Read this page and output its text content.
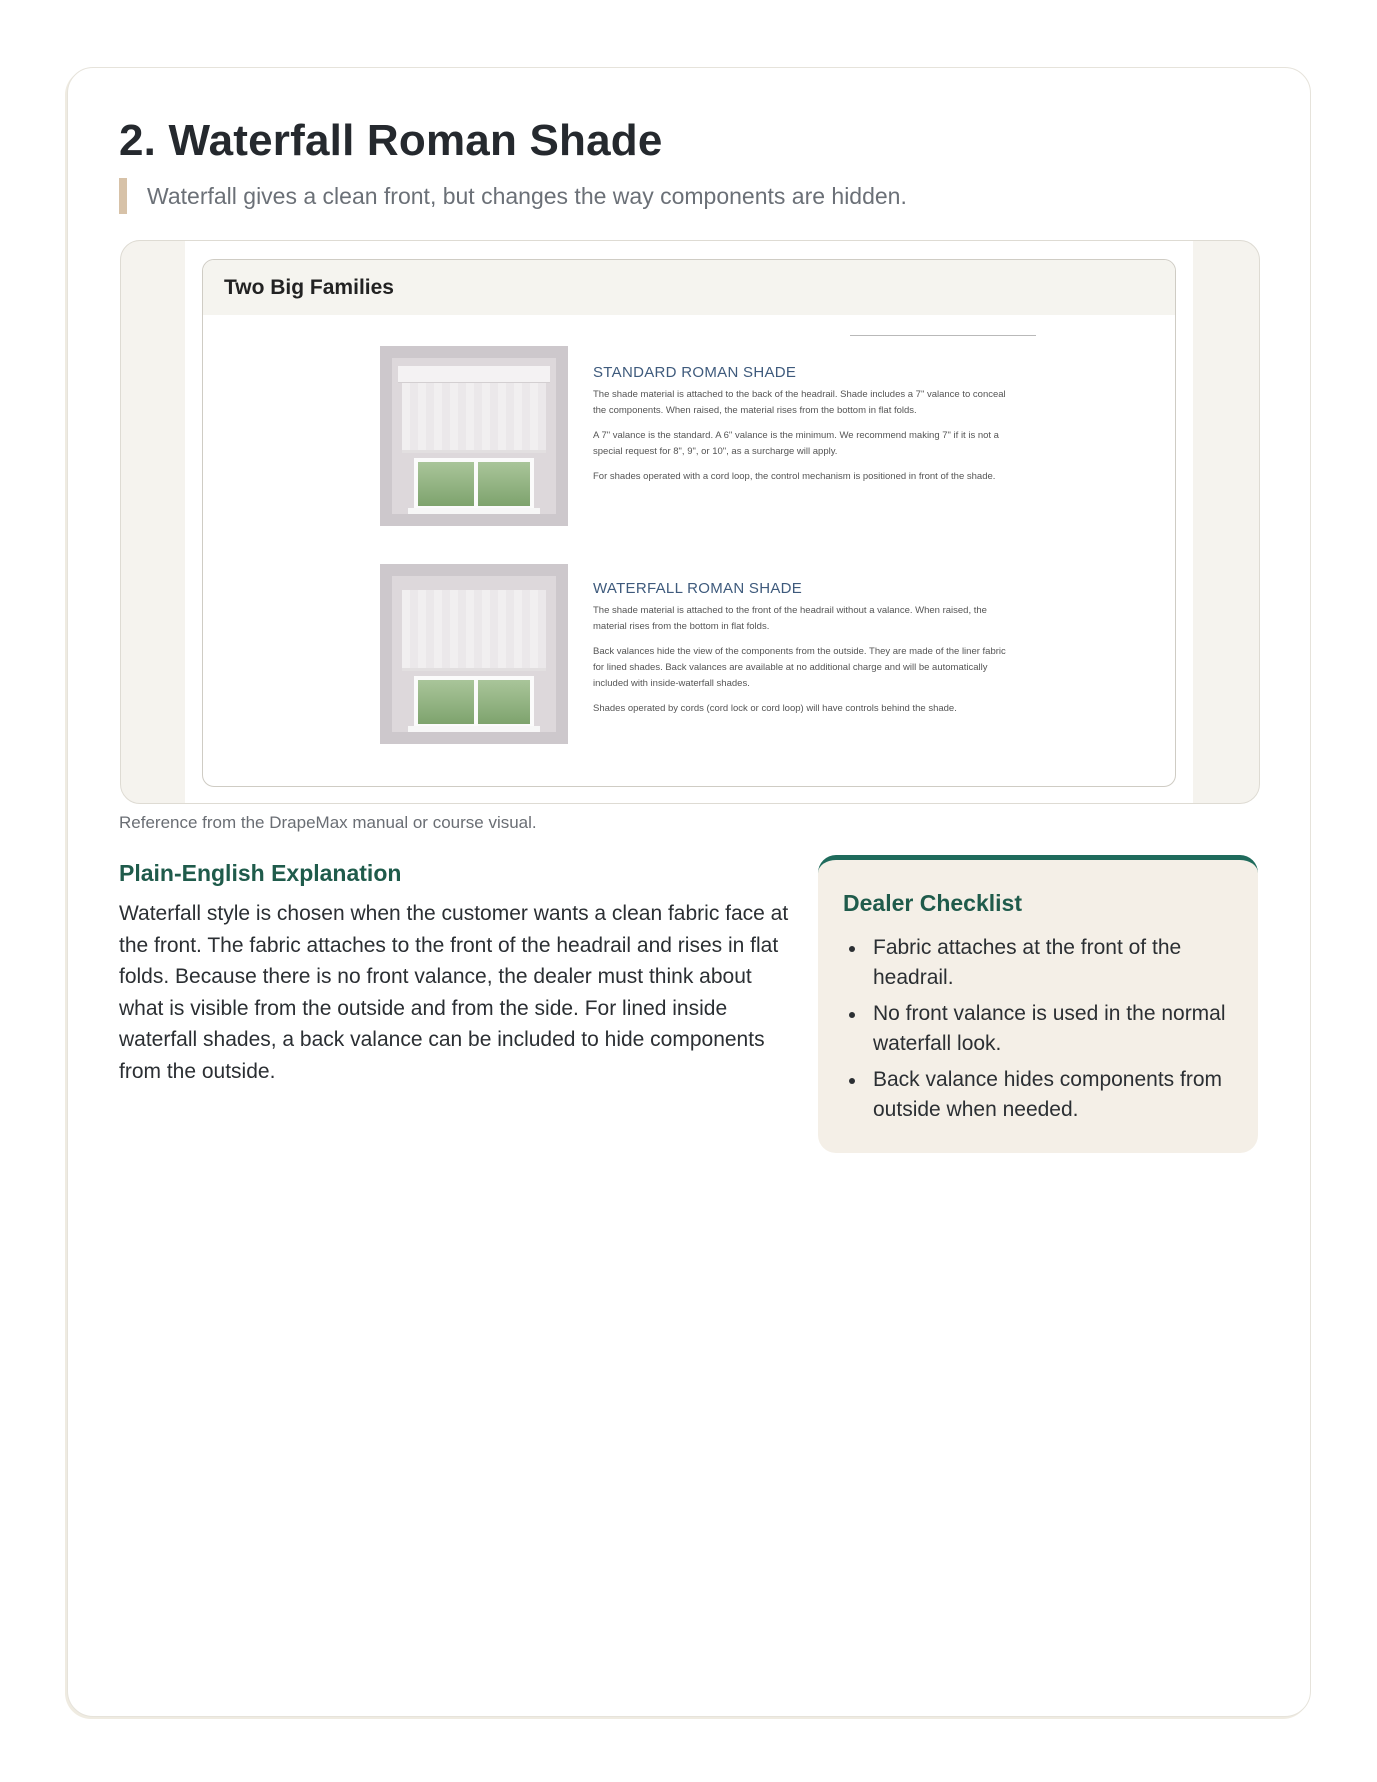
2. Waterfall Roman Shade
Waterfall gives a clean front, but changes the way components are hidden.
Two Big Families
STANDARD ROMAN SHADE
The shade material is attached to the back of the headrail. Shade includes a 7" valance to conceal the components. When raised, the material rises from the bottom in flat folds.
A 7" valance is the standard. A 6" valance is the minimum. We recommend making 7" if it is not a special request for 8", 9", or 10", as a surcharge will apply.
For shades operated with a cord loop, the control mechanism is positioned in front of the shade.
WATERFALL ROMAN SHADE
The shade material is attached to the front of the headrail without a valance. When raised, the material rises from the bottom in flat folds.
Back valances hide the view of the components from the outside. They are made of the liner fabric for lined shades. Back valances are available at no additional charge and will be automatically included with inside-waterfall shades.
Shades operated by cords (cord lock or cord loop) will have controls behind the shade.
Reference from the DrapeMax manual or course visual.
Plain-English Explanation
Waterfall style is chosen when the customer wants a clean fabric face at the front. The fabric attaches to the front of the headrail and rises in flat folds. Because there is no front valance, the dealer must think about what is visible from the outside and from the side. For lined inside waterfall shades, a back valance can be included to hide components from the outside.
Dealer Checklist
Fabric attaches at the front of the headrail.
No front valance is used in the normal waterfall look.
Back valance hides components from outside when needed.
